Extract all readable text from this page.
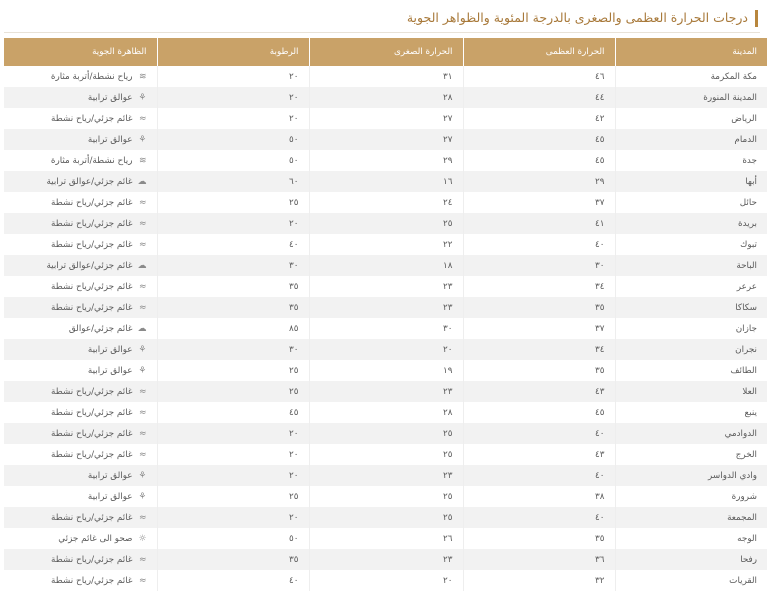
درجات الحرارة العظمى والصغرى بالدرجة المئوية والظواهر الجوية
المدينة	الحرارة العظمى	الحرارة الصغرى	الرطوبة	الظاهرة الجوية
مكة المكرمة	٤٦	٣١	٢٠	≋رياح نشطة/أتربة مثارة
المدينة المنورة	٤٤	٢٨	٢٠	⚘عوالق ترابية
الرياض	٤٢	٢٧	٢٠	≈غائم جزئي/رياح نشطة
الدمام	٤٥	٢٧	٥٠	⚘عوالق ترابية
جدة	٤٥	٢٩	٥٠	≋رياح نشطة/أتربة مثارة
أبها	٢٩	١٦	٦٠	☁غائم جزئي/عوالق ترابية
حائل	٣٧	٢٤	٢٥	≈غائم جزئي/رياح نشطة
بريدة	٤١	٢٥	٢٠	≈غائم جزئي/رياح نشطة
تبوك	٤٠	٢٢	٤٠	≈غائم جزئي/رياح نشطة
الباحة	٣٠	١٨	٣٠	☁غائم جزئي/عوالق ترابية
عرعر	٣٤	٢٣	٣٥	≈غائم جزئي/رياح نشطة
سكاكا	٣٥	٢٣	٣٥	≈غائم جزئي/رياح نشطة
جازان	٣٧	٣٠	٨٥	☁غائم جزئي/عوالق
نجران	٣٤	٢٠	٣٠	⚘عوالق ترابية
الطائف	٣٥	١٩	٢٥	⚘عوالق ترابية
العلا	٤٣	٢٣	٢٥	≈غائم جزئي/رياح نشطة
ينبع	٤٥	٢٨	٤٥	≈غائم جزئي/رياح نشطة
الدوادمي	٤٠	٢٥	٢٠	≈غائم جزئي/رياح نشطة
الخرج	٤٣	٢٥	٢٠	≈غائم جزئي/رياح نشطة
وادي الدواسر	٤٠	٢٣	٢٠	⚘عوالق ترابية
شرورة	٣٨	٢٥	٢٥	⚘عوالق ترابية
المجمعة	٤٠	٢٥	٢٠	≈غائم جزئي/رياح نشطة
الوجه	٣٥	٢٦	٥٠	☼صحو الى غائم جزئي
رفحا	٣٦	٢٣	٣٥	≈غائم جزئي/رياح نشطة
القريات	٣٢	٢٠	٤٠	≈غائم جزئي/رياح نشطة
